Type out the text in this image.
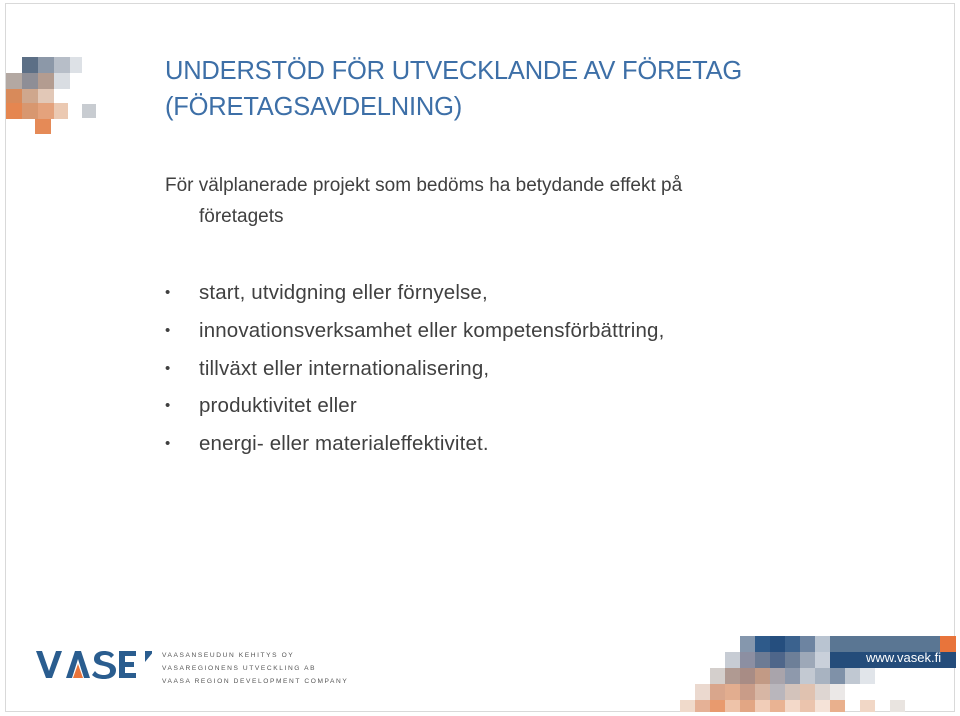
UNDERSTÖD FÖR UTVECKLANDE AV FÖRETAG
(FÖRETAGSAVDELNING)
För välplanerade projekt som bedöms ha betydande effekt på
företagets
• start, utvidgning eller förnyelse,
• innovationsverksamhet eller kompetensförbättring,
• tillväxt eller internationalisering,
• produktivitet eller
• energi- eller materialeffektivitet.
VAASANSEUDUN KEHITYS OY
VASAREGIONENS UTVECKLING AB
VAASA REGION DEVELOPMENT COMPANY
www.vasek.fi
